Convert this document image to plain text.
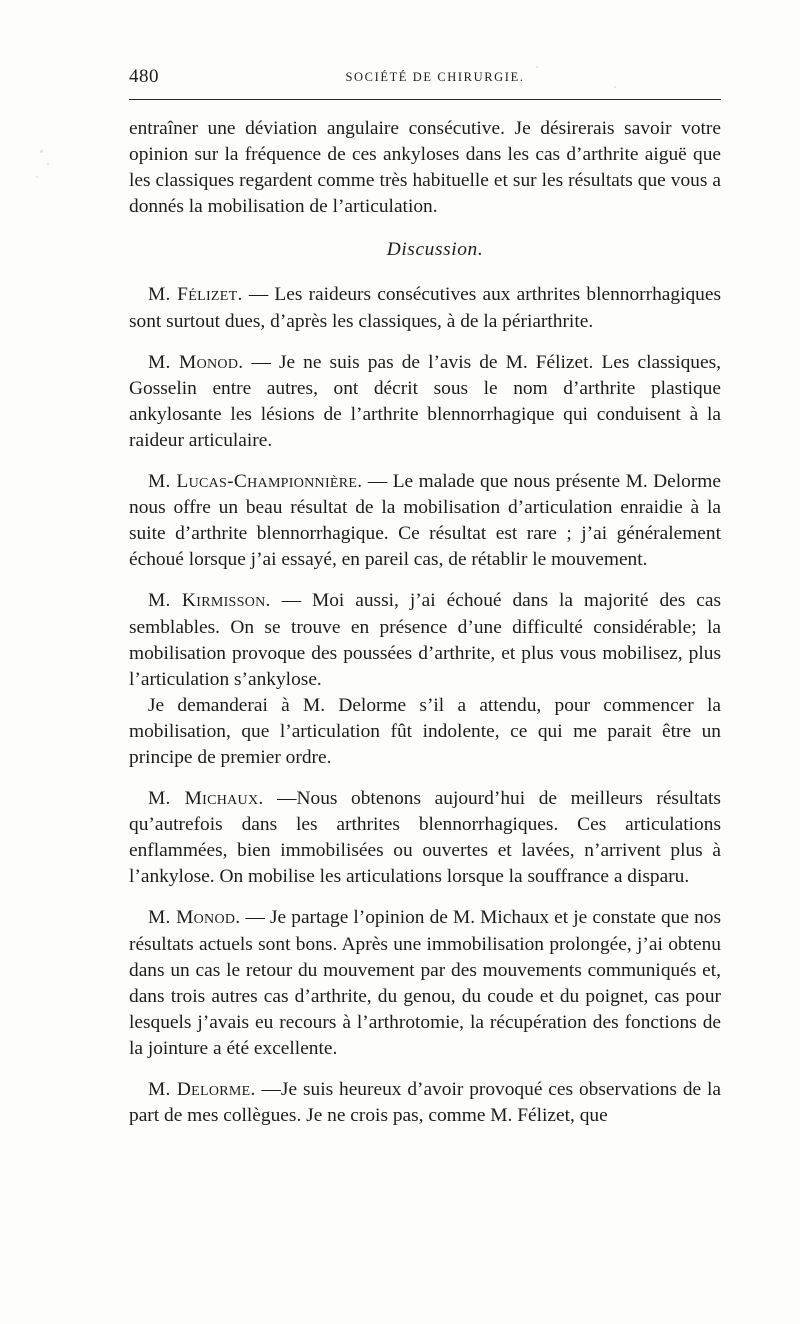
480	SOCIÉTÉ DE CHIRURGIE.

entraîner une déviation angulaire consécutive. Je désirerais savoir votre opinion sur la fréquence de ces ankyloses dans les cas d’arthrite aiguë que les classiques regardent comme très habituelle et sur les résultats que vous a donnés la mobilisation de l’articulation.

Discussion.

M. Félizet. — Les raideurs consécutives aux arthrites blennorrhagiques sont surtout dues, d’après les classiques, à de la périarthrite.

M. Monod. — Je ne suis pas de l’avis de M. Félizet. Les classiques, Gosselin entre autres, ont décrit sous le nom d’arthrite plastique ankylosante les lésions de l’arthrite blennorrhagique qui conduisent à la raideur articulaire.

M. Lucas-Championnière. — Le malade que nous présente M. Delorme nous offre un beau résultat de la mobilisation d’articulation enraidie à la suite d’arthrite blennorrhagique. Ce résultat est rare ; j’ai généralement échoué lorsque j’ai essayé, en pareil cas, de rétablir le mouvement.

M. Kirmisson. — Moi aussi, j’ai échoué dans la majorité des cas semblables. On se trouve en présence d’une difficulté considérable; la mobilisation provoque des poussées d’arthrite, et plus vous mobilisez, plus l’articulation s’ankylose.

Je demanderai à M. Delorme s’il a attendu, pour commencer la mobilisation, que l’articulation fût indolente, ce qui me parait être un principe de premier ordre.

M. Michaux. —Nous obtenons aujourd’hui de meilleurs résultats qu’autrefois dans les arthrites blennorrhagiques. Ces articulations enflammées, bien immobilisées ou ouvertes et lavées, n’arrivent plus à l’ankylose. On mobilise les articulations lorsque la souffrance a disparu.

M. Monod. — Je partage l’opinion de M. Michaux et je constate que nos résultats actuels sont bons. Après une immobilisation prolongée, j’ai obtenu dans un cas le retour du mouvement par des mouvements communiqués et, dans trois autres cas d’arthrite, du genou, du coude et du poignet, cas pour lesquels j’avais eu recours à l’arthrotomie, la récupération des fonctions de la jointure a été excellente.

M. Delorme. —Je suis heureux d’avoir provoqué ces observations de la part de mes collègues. Je ne crois pas, comme M. Félizet, que
